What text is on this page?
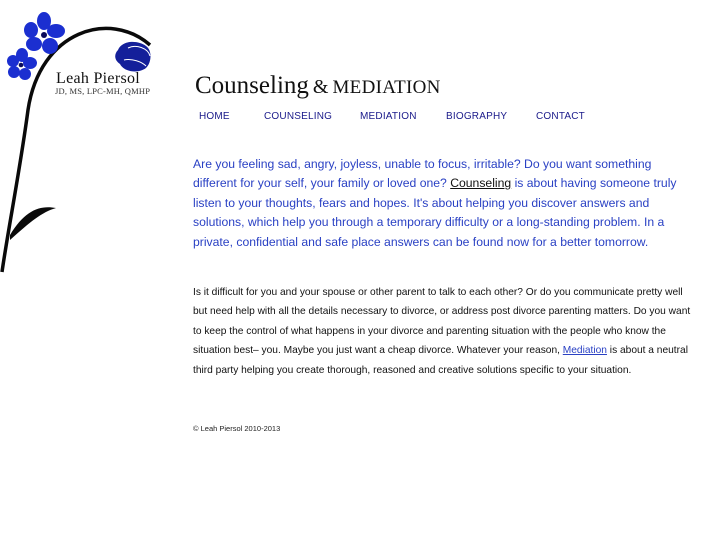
Leah Piersol
JD, MS, LPC-MH, QMHP Counseling & MEDIATION
HOME	COUNSELING	MEDIATION	BIOGRAPHY	CONTACT

Are you feeling sad, angry, joyless, unable to focus, irritable? Do you want something different for your self, your family or loved one? Counseling is about having someone truly listen to your thoughts, fears and hopes. It's about helping you discover answers and solutions, which help you through a temporary difficulty or a long-standing problem. In a private, confidential and safe place answers can be found now for a better tomorrow.

Is it difficult for you and your spouse or other parent to talk to each other? Or do you communicate pretty well but need help with all the details necessary to divorce, or address post divorce parenting matters. Do you want to keep the control of what happens in your divorce and parenting situation with the people who know the situation best– you. Maybe you just want a cheap divorce. Whatever your reason, Mediation is about a neutral third party helping you create thorough, reasoned and creative solutions specific to your situation.

© Leah Piersol 2010-2013
